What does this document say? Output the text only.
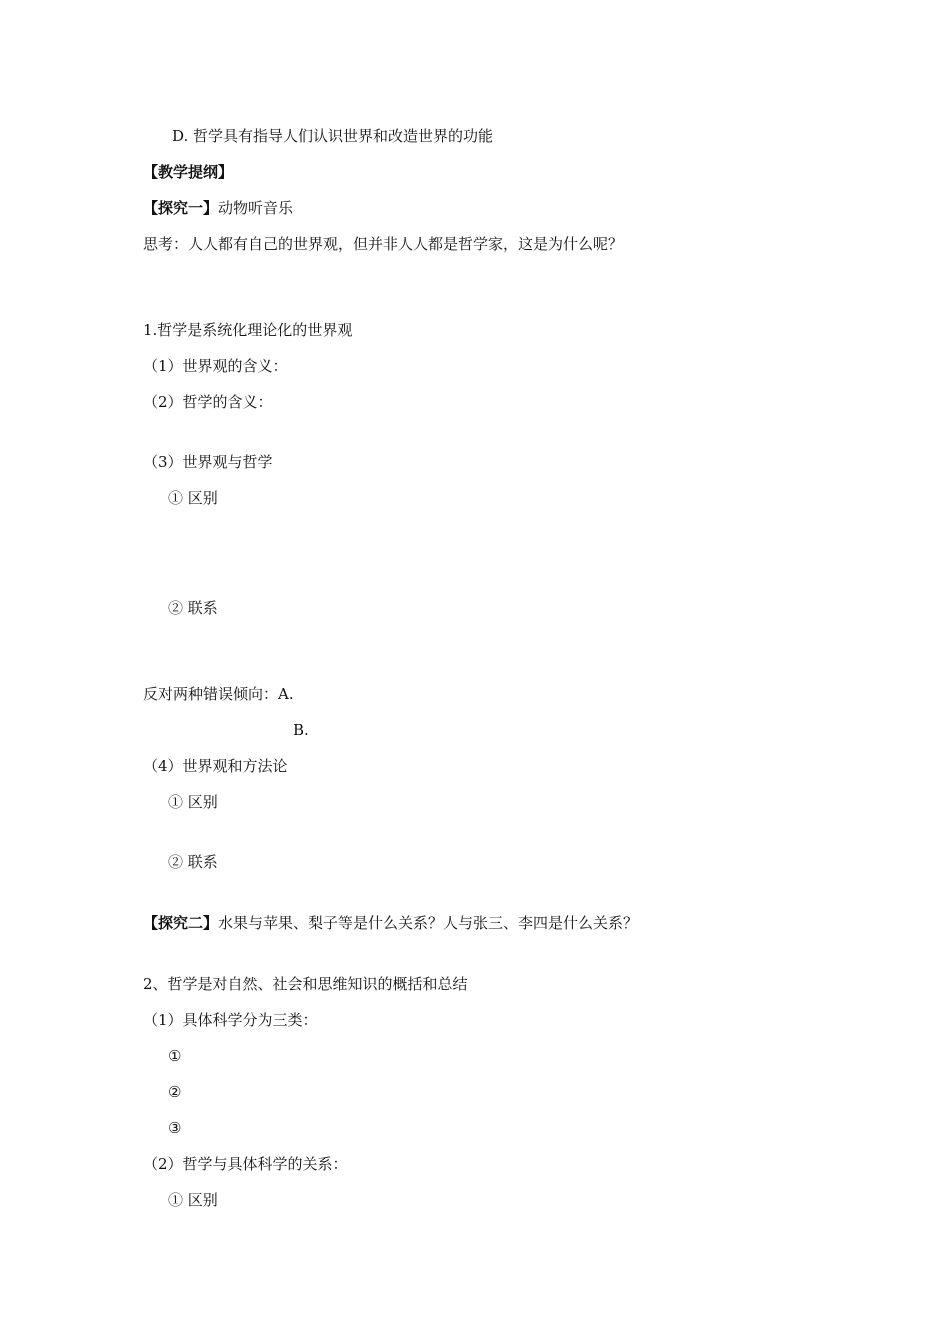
D. 哲学具有指导人们认识世界和改造世界的功能
【教学提纲】
【探究一】动物听音乐
思考：人人都有自己的世界观，但并非人人都是哲学家，这是为什么呢？
1.哲学是系统化理论化的世界观
（1）世界观的含义：
（2）哲学的含义：
（3）世界观与哲学
① 区别
② 联系
反对两种错误倾向：A.
B.
（4）世界观和方法论
① 区别
② 联系
【探究二】水果与苹果、梨子等是什么关系？人与张三、李四是什么关系？
2、哲学是对自然、社会和思维知识的概括和总结
（1）具体科学分为三类：
①
②
③
（2）哲学与具体科学的关系：
① 区别
